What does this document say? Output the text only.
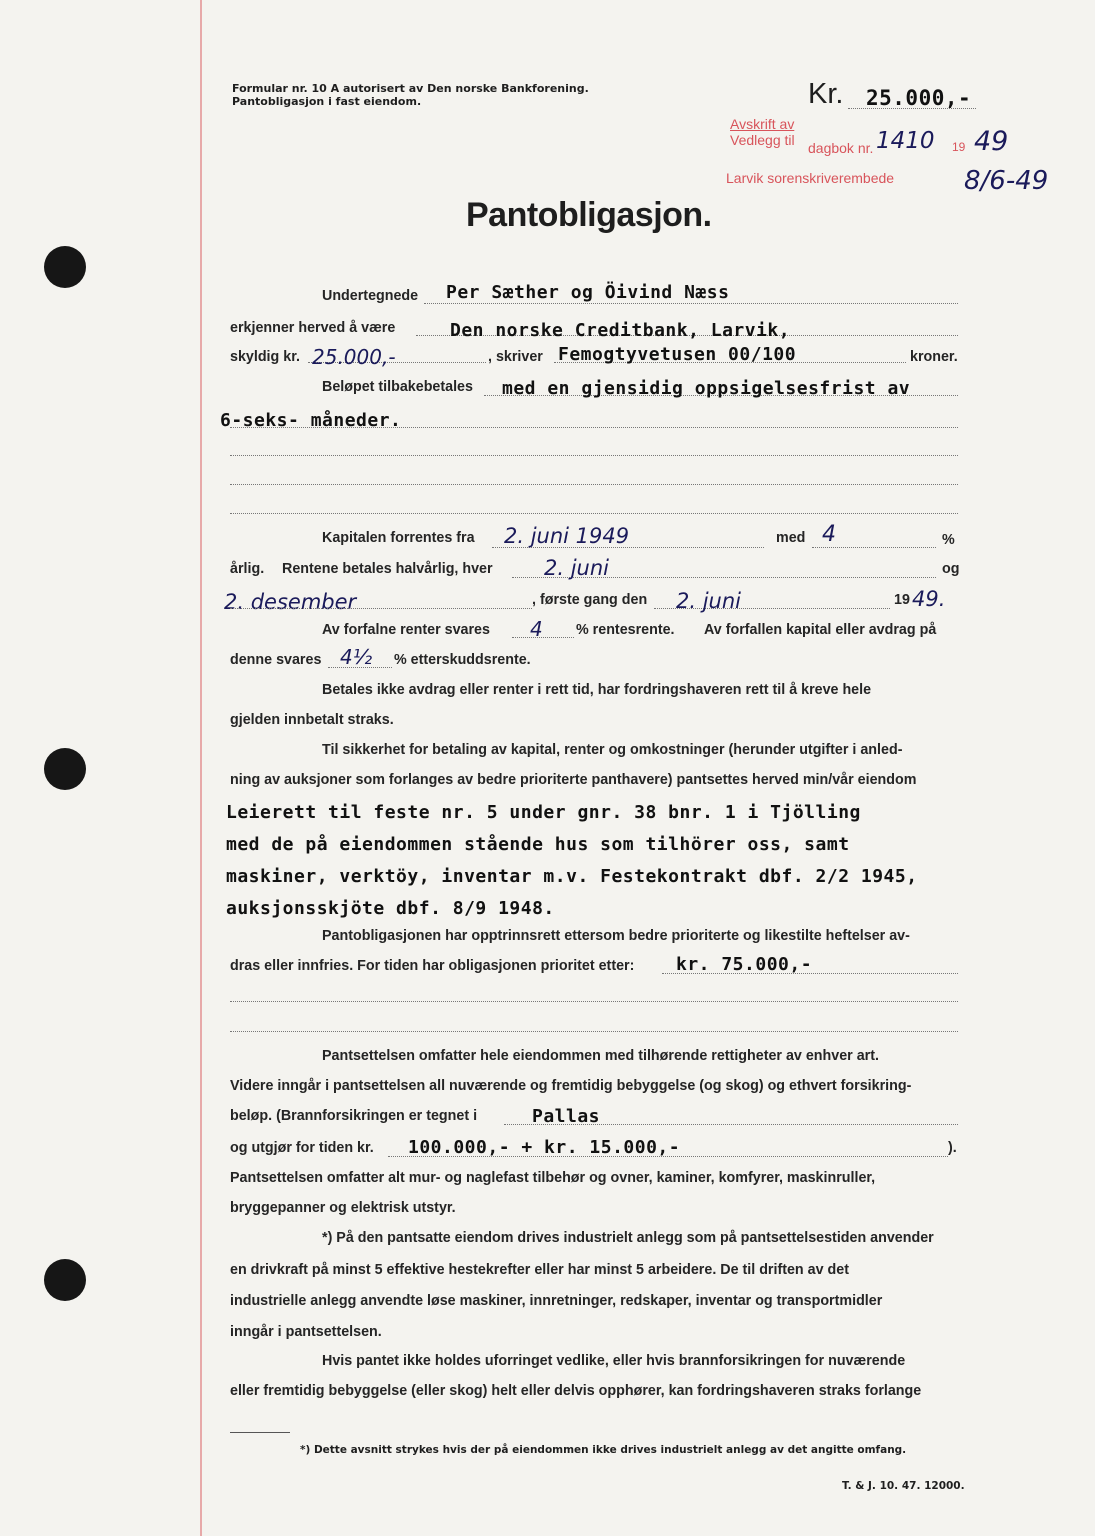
Formular nr. 10 A autorisert av Den norske Bankforening.
Pantobligasjon i fast eiendom.	Kr. 25.000,-
Avskrift av
Vedlegg til dagbok nr. 1410 19 49
Larvik sorenskriverembede	8/6-49
Pantobligasjon.
Undertegnede Per Sæther og Öivind Næss
erkjenner herved å være	Den norske Creditbank, Larvik,
skyldig kr. 25.000,-	, skriver Femogtyvetusen 00/100	kroner.
Beløpet tilbakebetales med en gjensidig oppsigelsesfrist av
6-seks- måneder.
Kapitalen forrentes fra 2. juni 1949	med 4	%
årlig. Rentene betales halvårlig, hver 2. juni	og
2. desember	, første gang den 2. juni	19 49.
Av forfalne renter svares 4 % rentesrente. Av forfallen kapital eller avdrag på
denne svares 4½ % etterskuddsrente.
Betales ikke avdrag eller renter i rett tid, har fordringshaveren rett til å kreve hele
gjelden innbetalt straks.
Til sikkerhet for betaling av kapital, renter og omkostninger (herunder utgifter i anled-
ning av auksjoner som forlanges av bedre prioriterte panthavere) pantsettes herved min/vår eiendom
Leierett til feste nr. 5 under gnr. 38 bnr. 1 i Tjölling
med de på eiendommen stående hus som tilhörer oss, samt
maskiner, verktöy, inventar m.v. Festekontrakt dbf. 2/2 1945,
auksjonsskjöte dbf. 8/9 1948.
Pantobligasjonen har opptrinnsrett ettersom bedre prioriterte og likestilte heftelser av-
dras eller innfries. For tiden har obligasjonen prioritet etter: kr. 75.000,-
Pantsettelsen omfatter hele eiendommen med tilhørende rettigheter av enhver art.
Videre inngår i pantsettelsen all nuværende og fremtidig bebyggelse (og skog) og ethvert forsikring-
beløp. (Brannforsikringen er tegnet i	Pallas
og utgjør for tiden kr. 100.000,- + kr. 15.000,-	).
Pantsettelsen omfatter alt mur- og naglefast tilbehør og ovner, kaminer, komfyrer, maskinruller,
bryggepanner og elektrisk utstyr.
*) På den pantsatte eiendom drives industrielt anlegg som på pantsettelsestiden anvender
en drivkraft på minst 5 effektive hestekrefter eller har minst 5 arbeidere. De til driften av det
industrielle anlegg anvendte løse maskiner, innretninger, redskaper, inventar og transportmidler
inngår i pantsettelsen.
Hvis pantet ikke holdes uforringet vedlike, eller hvis brannforsikringen for nuværende
eller fremtidig bebyggelse (eller skog) helt eller delvis opphører, kan fordringshaveren straks forlange
*) Dette avsnitt strykes hvis der på eiendommen ikke drives industrielt anlegg av det angitte omfang.
T. & J. 10. 47. 12000.
